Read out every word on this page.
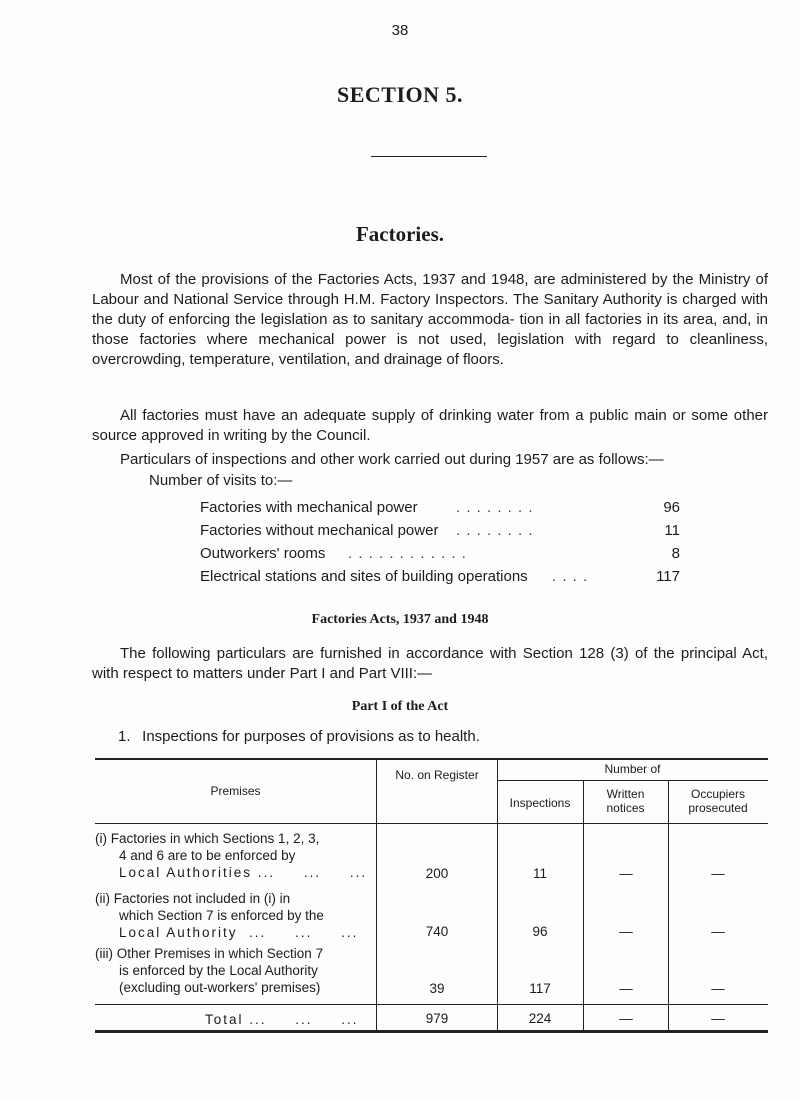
38
SECTION 5.
Factories.
Most of the provisions of the Factories Acts, 1937 and 1948, are administered by the Ministry of Labour and National Service through H.M. Factory Inspectors. The Sanitary Authority is charged with the duty of enforcing the legislation as to sanitary accommoda- tion in all factories in its area, and, in those factories where mechanical power is not used, legislation with regard to cleanliness, overcrowding, temperature, ventilation, and drainage of floors.
All factories must have an adequate supply of drinking water from a public main or some other source approved in writing by the Council.
Particulars of inspections and other work carried out during 1957 are as follows:—
Number of visits to:—
Factories with mechanical power	. . . . . . . .	96
Factories without mechanical power . . . . . . . .	11
Outworkers' rooms . . . . . . . . . . . .	8
Electrical stations and sites of building operations . . . .	117
Factories Acts, 1937 and 1948
The following particulars are furnished in accordance with Section 128 (3) of the principal Act, with respect to matters under Part I and Part VIII:—
Part I of the Act
1. Inspections for purposes of provisions as to health.
Premises
No. on Register	Number of
Inspections
Written notices
Occupiers prosecuted
(i) Factories in which Sections 1, 2, 3,
4 and 6 are to be enforced by
Local Authorities ...     ...     ...	200	11	—	—
(ii) Factories not included in (i) in
which Section 7 is enforced by the
Local Authority  ...     ...     ...	740	96	—	—
(iii) Other Premises in which Section 7
is enforced by the Local Authority
(excluding out-workers' premises)	39	117	—	—
Total ...     ...     ...	979	224	—	—
